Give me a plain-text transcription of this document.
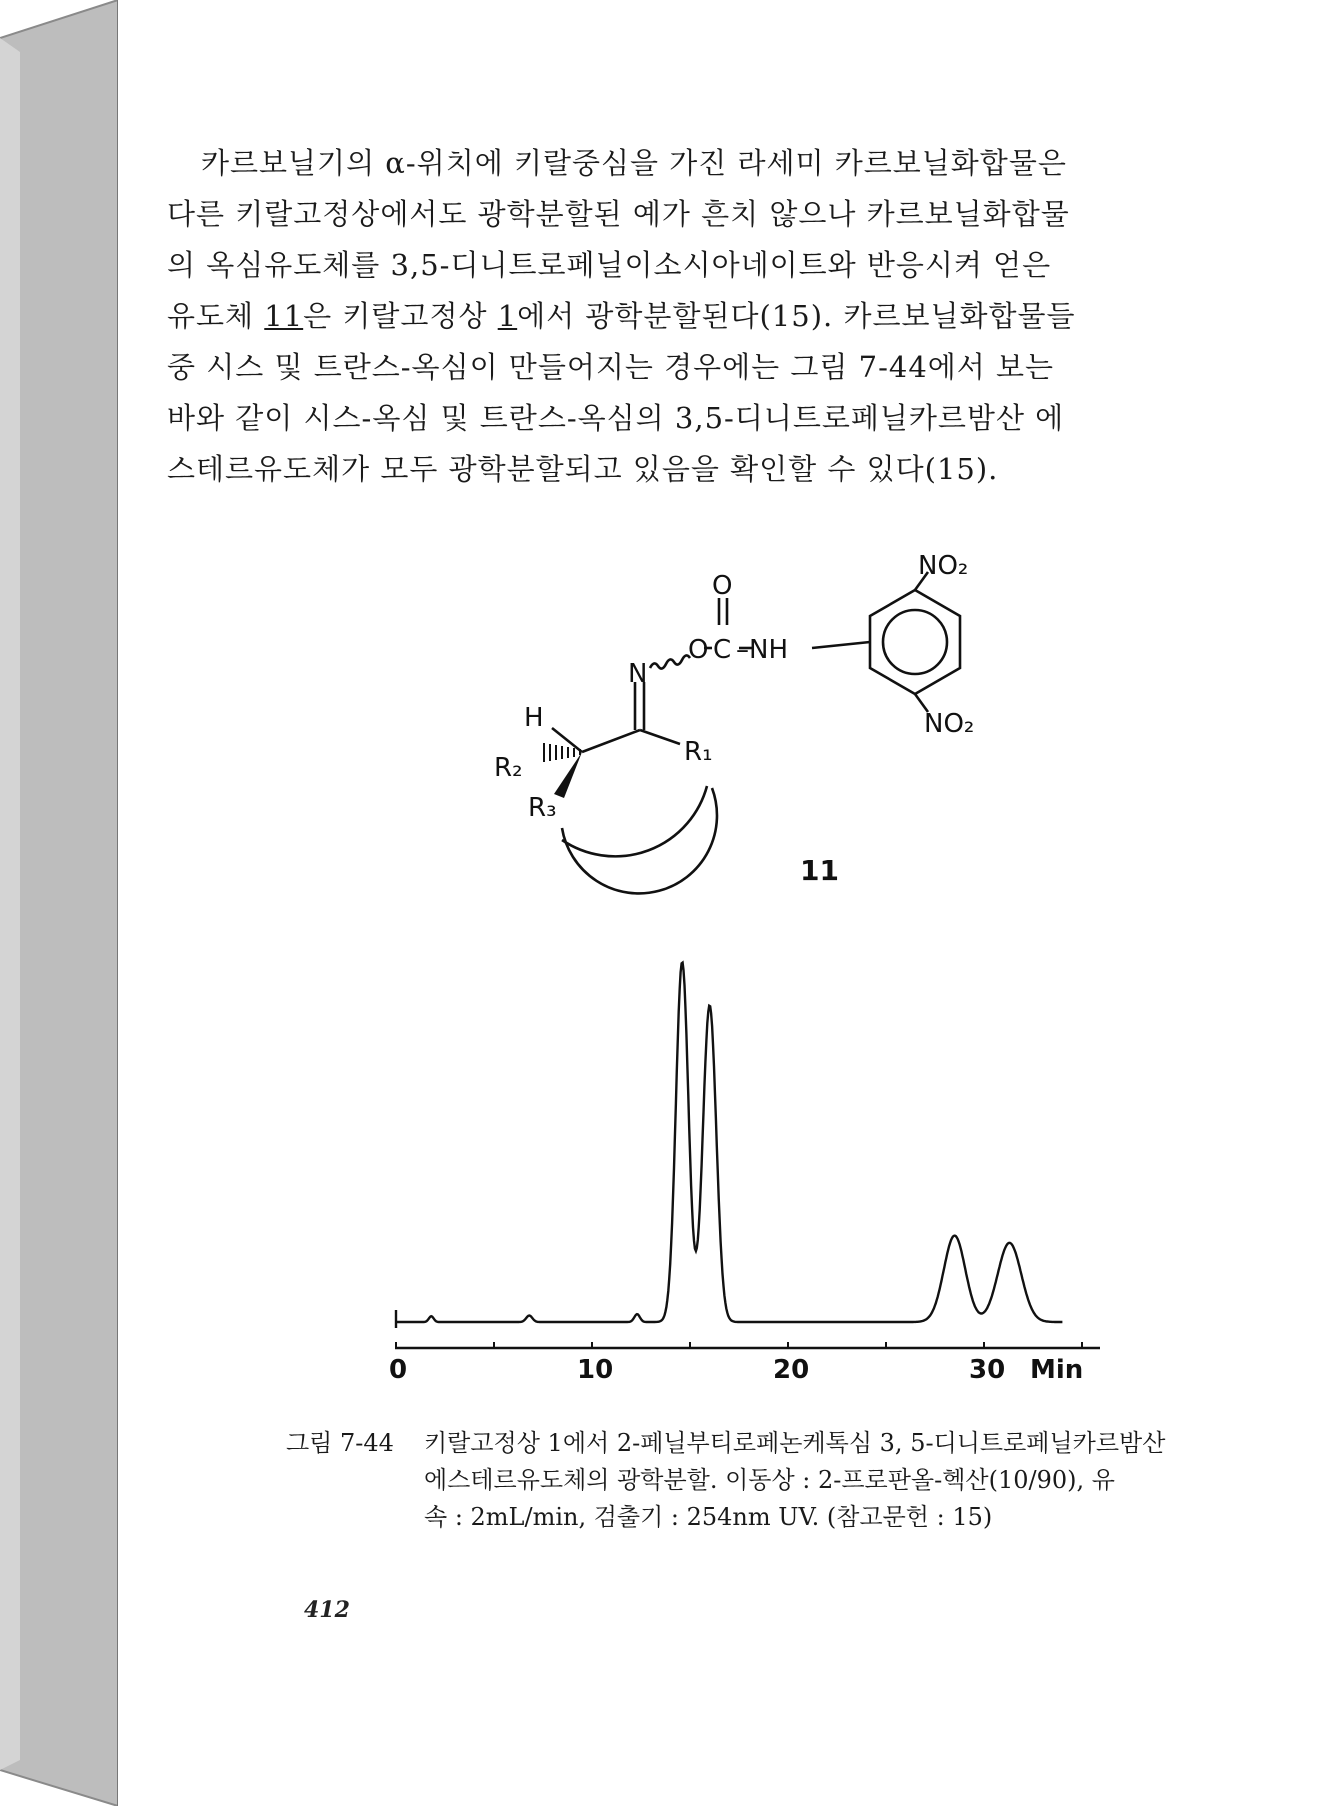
카르보닐기의 α-위치에 키랄중심을 가진 라세미 카르보닐화합물은
다른 키랄고정상에서도 광학분할된 예가 흔치 않으나 카르보닐화합물
의 옥심유도체를 3,5-디니트로페닐이소시아네이트와 반응시켜 얻은
유도체 11은 키랄고정상 1에서 광학분할된다(15). 카르보닐화합물들
중 시스 및 트란스-옥심이 만들어지는 경우에는 그림 7-44에서 보는
바와 같이 시스-옥심 및 트란스-옥심의 3,5-디니트로페닐카르밤산 에
스테르유도체가 모두 광학분할되고 있음을 확인할 수 있다(15).
NO₂
NO₂
O
C –NH
O
N
H
R₁
R₂
R₃
11
0	10	20	30 Min
그림 7-44	키랄고정상 1에서 2-페닐부티로페논케톡심 3, 5-디니트로페닐카르밤산
에스테르유도체의 광학분할. 이동상 : 2-프로판올-헥산(10/90), 유
속 : 2mL/min, 검출기 : 254nm UV. (참고문헌 : 15)
412
